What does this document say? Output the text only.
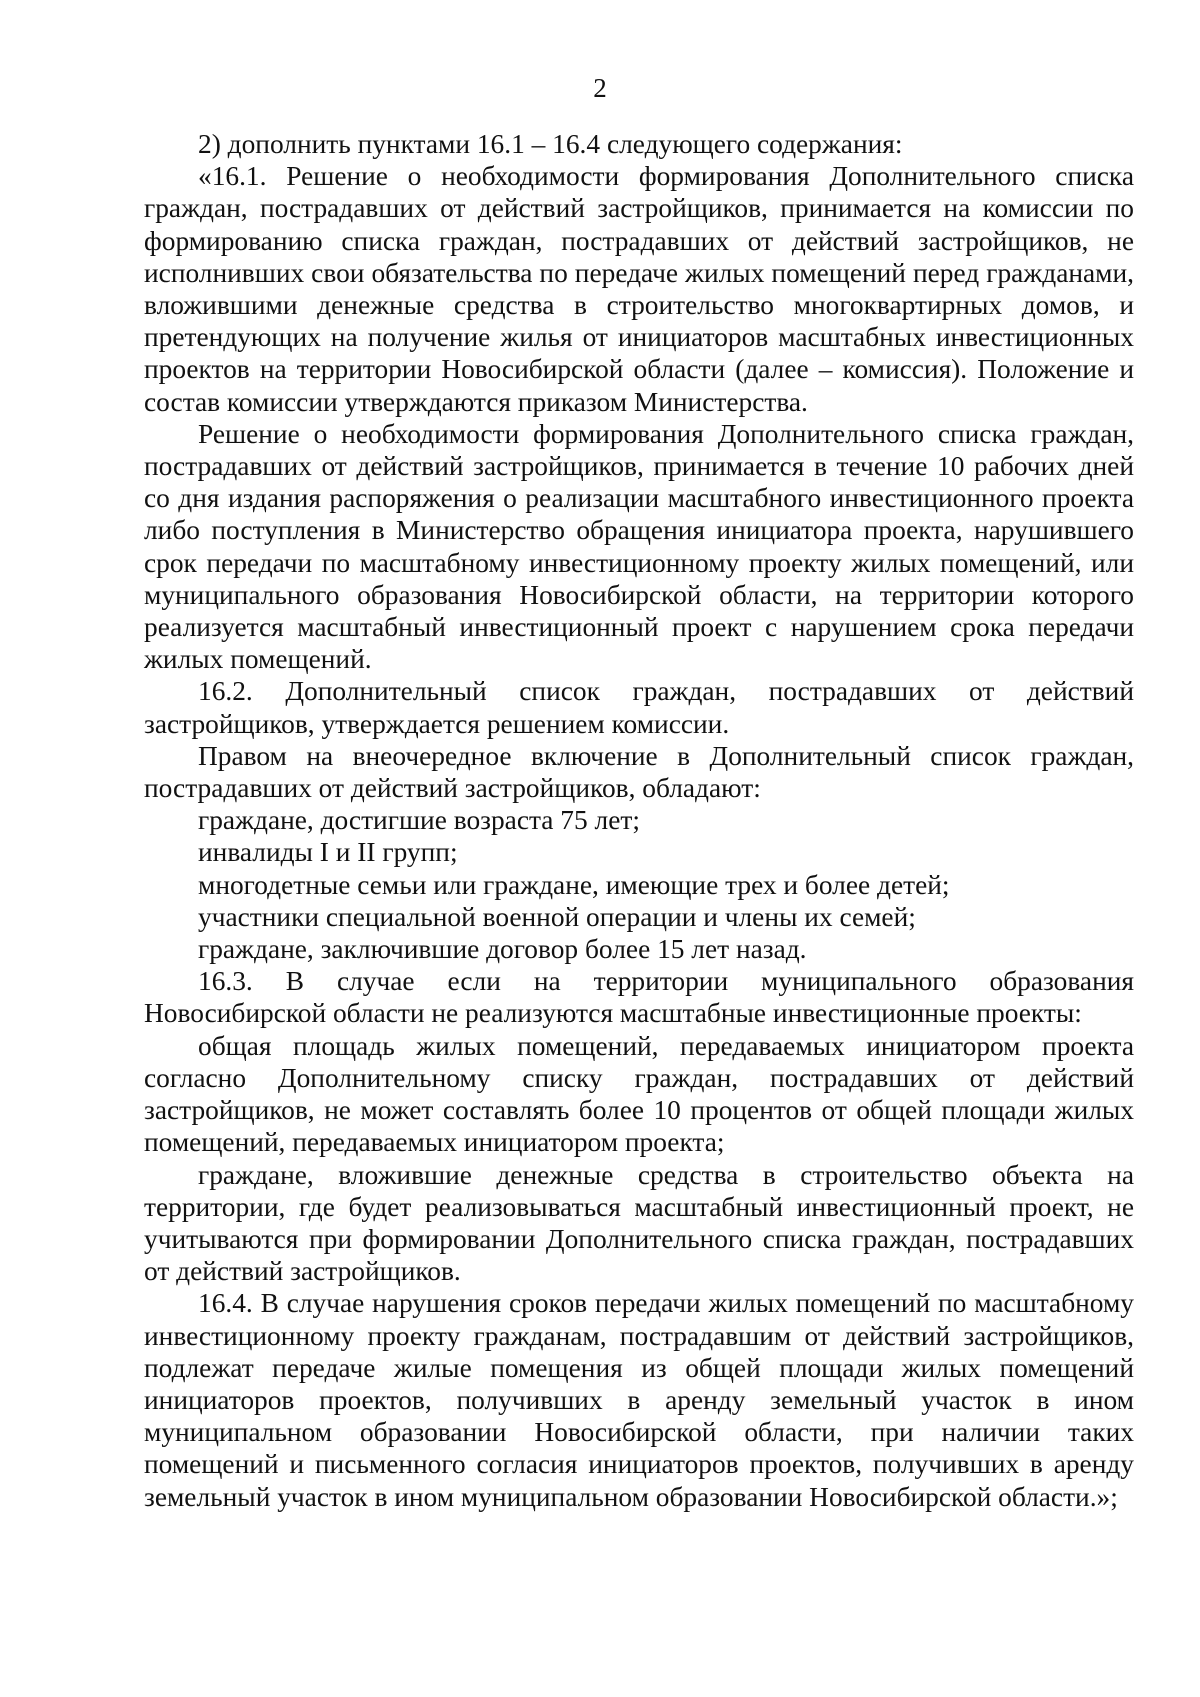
2

2) дополнить пунктами 16.1 – 16.4 следующего содержания:

«16.1. Решение о необходимости формирования Дополнительного списка граждан, пострадавших от действий застройщиков, принимается на комиссии по формированию списка граждан, пострадавших от действий застройщиков, не исполнивших свои обязательства по передаче жилых помещений перед гражданами, вложившими денежные средства в строительство многоквартирных домов, и претендующих на получение жилья от инициаторов масштабных инвестиционных проектов на территории Новосибирской области (далее – комиссия). Положение и состав комиссии утверждаются приказом Министерства.

Решение о необходимости формирования Дополнительного списка граждан, пострадавших от действий застройщиков, принимается в течение 10 рабочих дней со дня издания распоряжения о реализации масштабного инвестиционного проекта либо поступления в Министерство обращения инициатора проекта, нарушившего срок передачи по масштабному инвестиционному проекту жилых помещений, или муниципального образования Новосибирской области, на территории которого реализуется масштабный инвестиционный проект с нарушением срока передачи жилых помещений.

16.2. Дополнительный список граждан, пострадавших от действий застройщиков, утверждается решением комиссии.

Правом на внеочередное включение в Дополнительный список граждан, пострадавших от действий застройщиков, обладают:

граждане, достигшие возраста 75 лет;

инвалиды I и II групп;

многодетные семьи или граждане, имеющие трех и более детей;

участники специальной военной операции и члены их семей;

граждане, заключившие договор более 15 лет назад.

16.3. В случае если на территории муниципального образования Новосибирской области не реализуются масштабные инвестиционные проекты:

общая площадь жилых помещений, передаваемых инициатором проекта согласно Дополнительному списку граждан, пострадавших от действий застройщиков, не может составлять более 10 процентов от общей площади жилых помещений, передаваемых инициатором проекта;

граждане, вложившие денежные средства в строительство объекта на территории, где будет реализовываться масштабный инвестиционный проект, не учитываются при формировании Дополнительного списка граждан, пострадавших от действий застройщиков.

16.4. В случае нарушения сроков передачи жилых помещений по масштабному инвестиционному проекту гражданам, пострадавшим от действий застройщиков, подлежат передаче жилые помещения из общей площади жилых помещений инициаторов проектов, получивших в аренду земельный участок в ином муниципальном образовании Новосибирской области, при наличии таких помещений и письменного согласия инициаторов проектов, получивших в аренду земельный участок в ином муниципальном образовании Новосибирской области.»;
